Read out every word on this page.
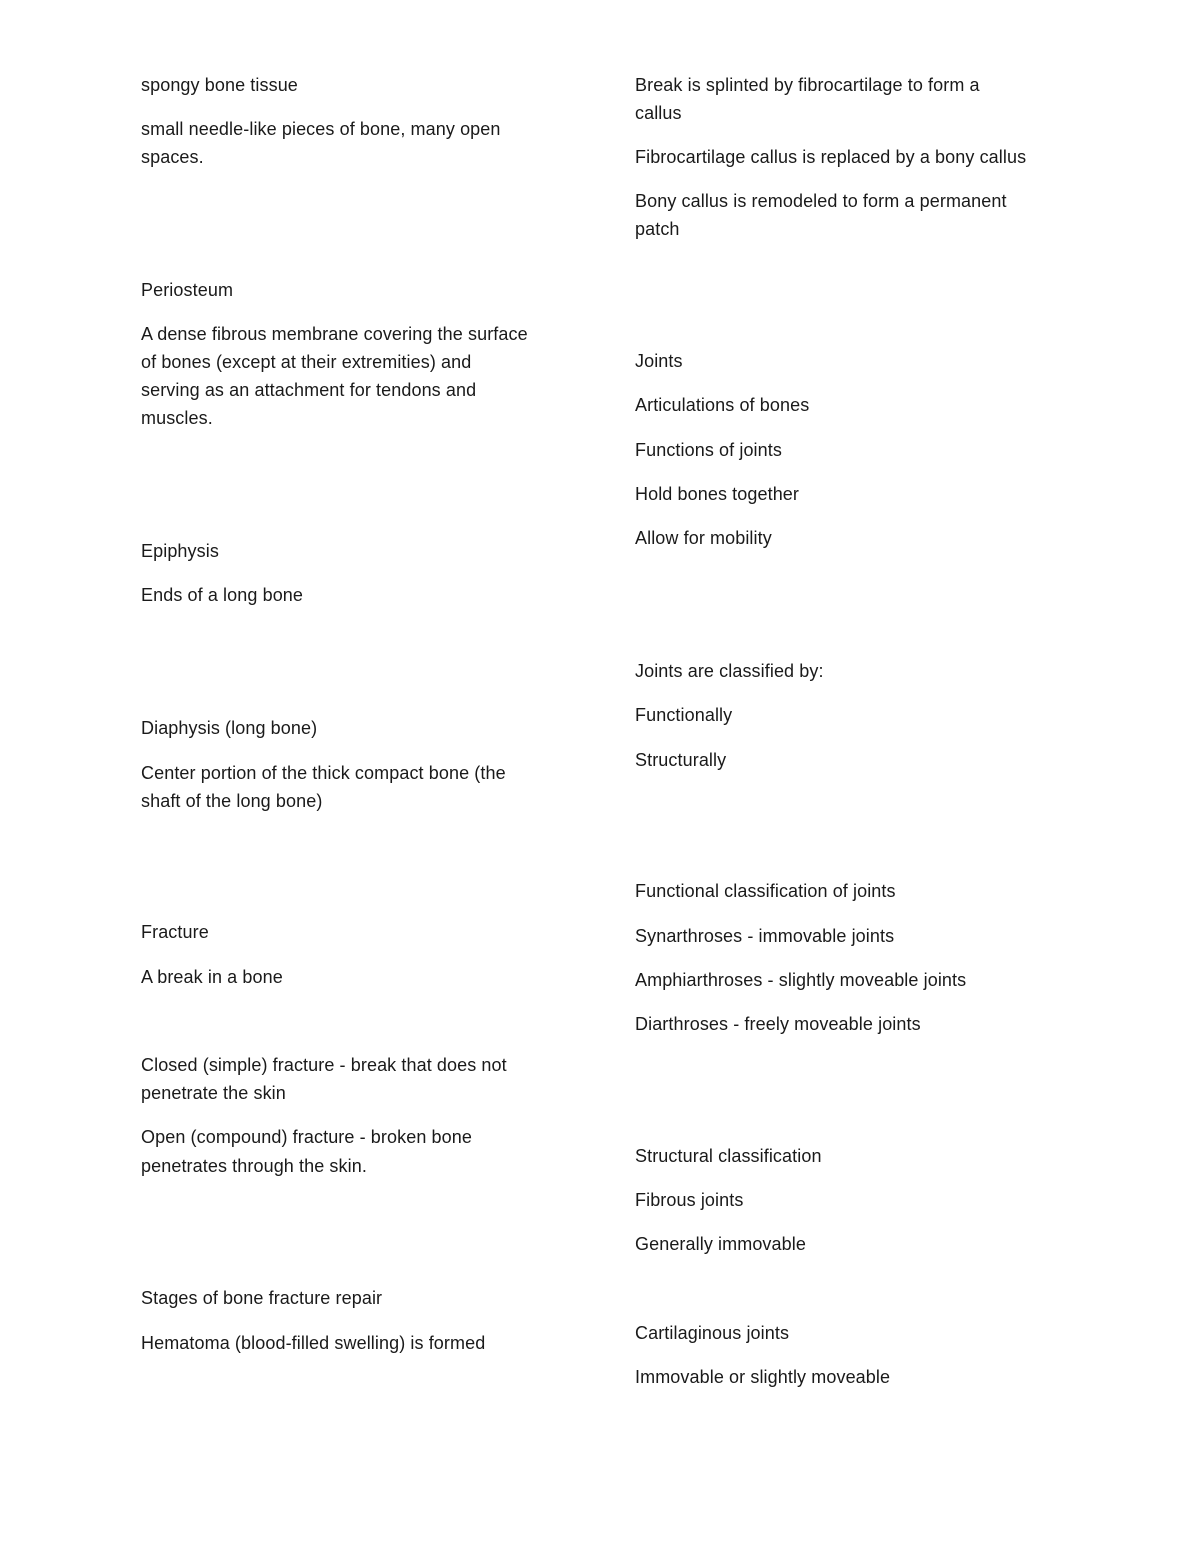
spongy bone tissue

small needle-like pieces of bone, many open

spaces.

Periosteum

A dense fibrous membrane covering the surface

of bones (except at their extremities) and

serving as an attachment for tendons and

muscles.

Epiphysis

Ends of a long bone

Diaphysis (long bone)

Center portion of the thick compact bone (the

shaft of the long bone)

Fracture

A break in a bone

Closed (simple) fracture - break that does not

penetrate the skin

Open (compound) fracture - broken bone

penetrates through the skin.

Stages of bone fracture repair

Hematoma (blood-filled swelling) is formed

Break is splinted by fibrocartilage to form a

callus

Fibrocartilage callus is replaced by a bony callus

Bony callus is remodeled to form a permanent

patch

Joints

Articulations of bones

Functions of joints

Hold bones together

Allow for mobility

Joints are classified by:

Functionally

Structurally

Functional classification of joints

Synarthroses - immovable joints

Amphiarthroses - slightly moveable joints

Diarthroses - freely moveable joints

Structural classification

Fibrous joints

Generally immovable

Cartilaginous joints

Immovable or slightly moveable
